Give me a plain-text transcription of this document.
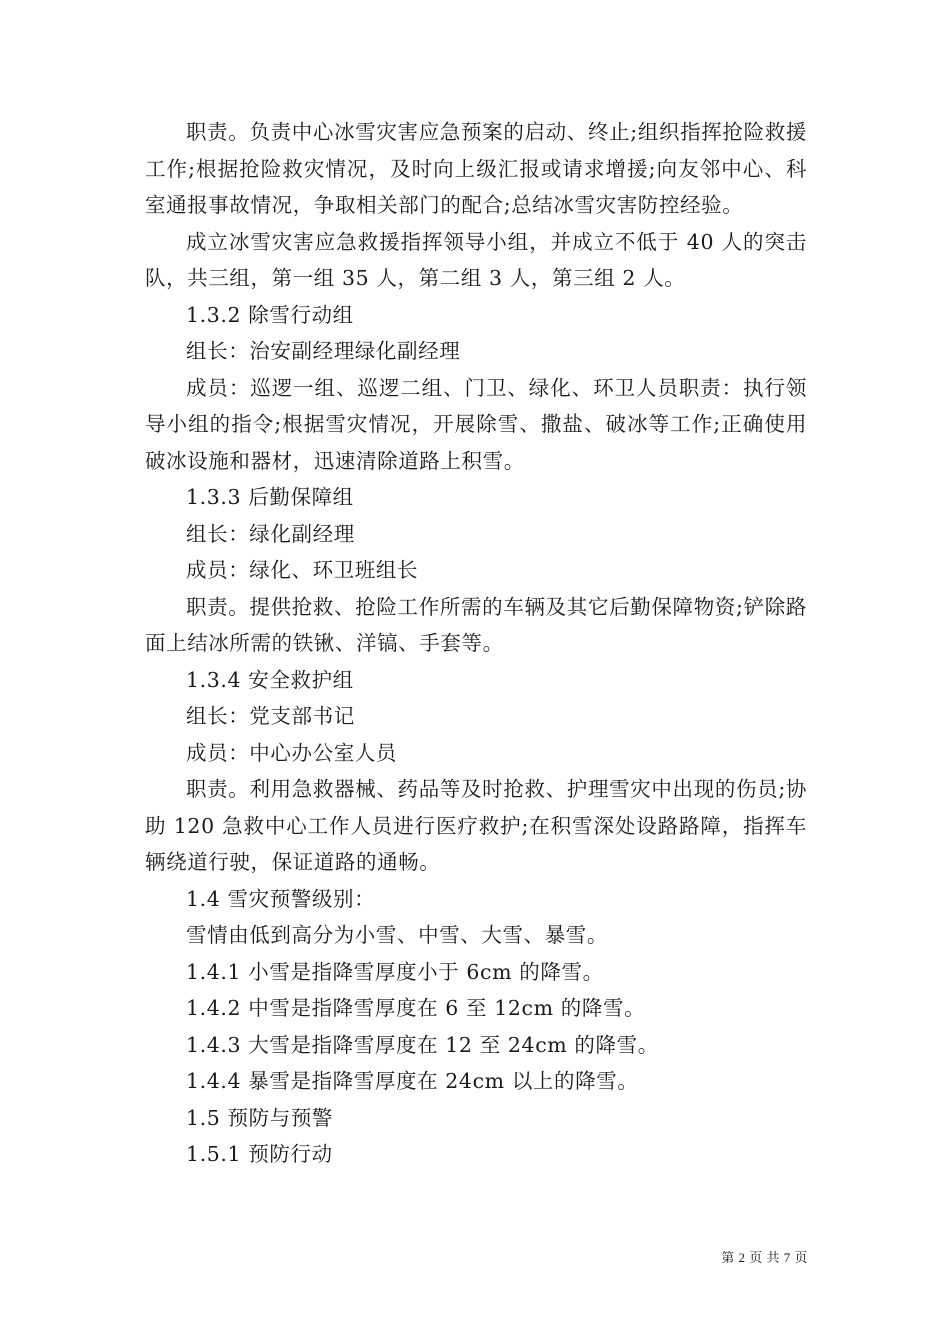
职责。负责中心冰雪灾害应急预案的启动、终止;组织指挥抢险救援工作;根据抢险救灾情况，及时向上级汇报或请求增援;向友邻中心、科室通报事故情况，争取相关部门的配合;总结冰雪灾害防控经验。

成立冰雪灾害应急救援指挥领导小组，并成立不低于 40 人的突击队，共三组，第一组 35 人，第二组 3 人，第三组 2 人。

1.3.2 除雪行动组

组长：治安副经理绿化副经理

成员：巡逻一组、巡逻二组、门卫、绿化、环卫人员职责：执行领导小组的指令;根据雪灾情况，开展除雪、撒盐、破冰等工作;正确使用破冰设施和器材，迅速清除道路上积雪。

1.3.3 后勤保障组

组长：绿化副经理

成员：绿化、环卫班组长

职责。提供抢救、抢险工作所需的车辆及其它后勤保障物资;铲除路面上结冰所需的铁锹、洋镐、手套等。

1.3.4 安全救护组

组长：党支部书记

成员：中心办公室人员

职责。利用急救器械、药品等及时抢救、护理雪灾中出现的伤员;协助 120 急救中心工作人员进行医疗救护;在积雪深处设路路障，指挥车辆绕道行驶，保证道路的通畅。

1.4 雪灾预警级别：

雪情由低到高分为小雪、中雪、大雪、暴雪。

1.4.1 小雪是指降雪厚度小于 6cm 的降雪。

1.4.2 中雪是指降雪厚度在 6 至 12cm 的降雪。

1.4.3 大雪是指降雪厚度在 12 至 24cm 的降雪。

1.4.4 暴雪是指降雪厚度在 24cm 以上的降雪。

1.5 预防与预警

1.5.1 预防行动

第 2 页 共 7 页
